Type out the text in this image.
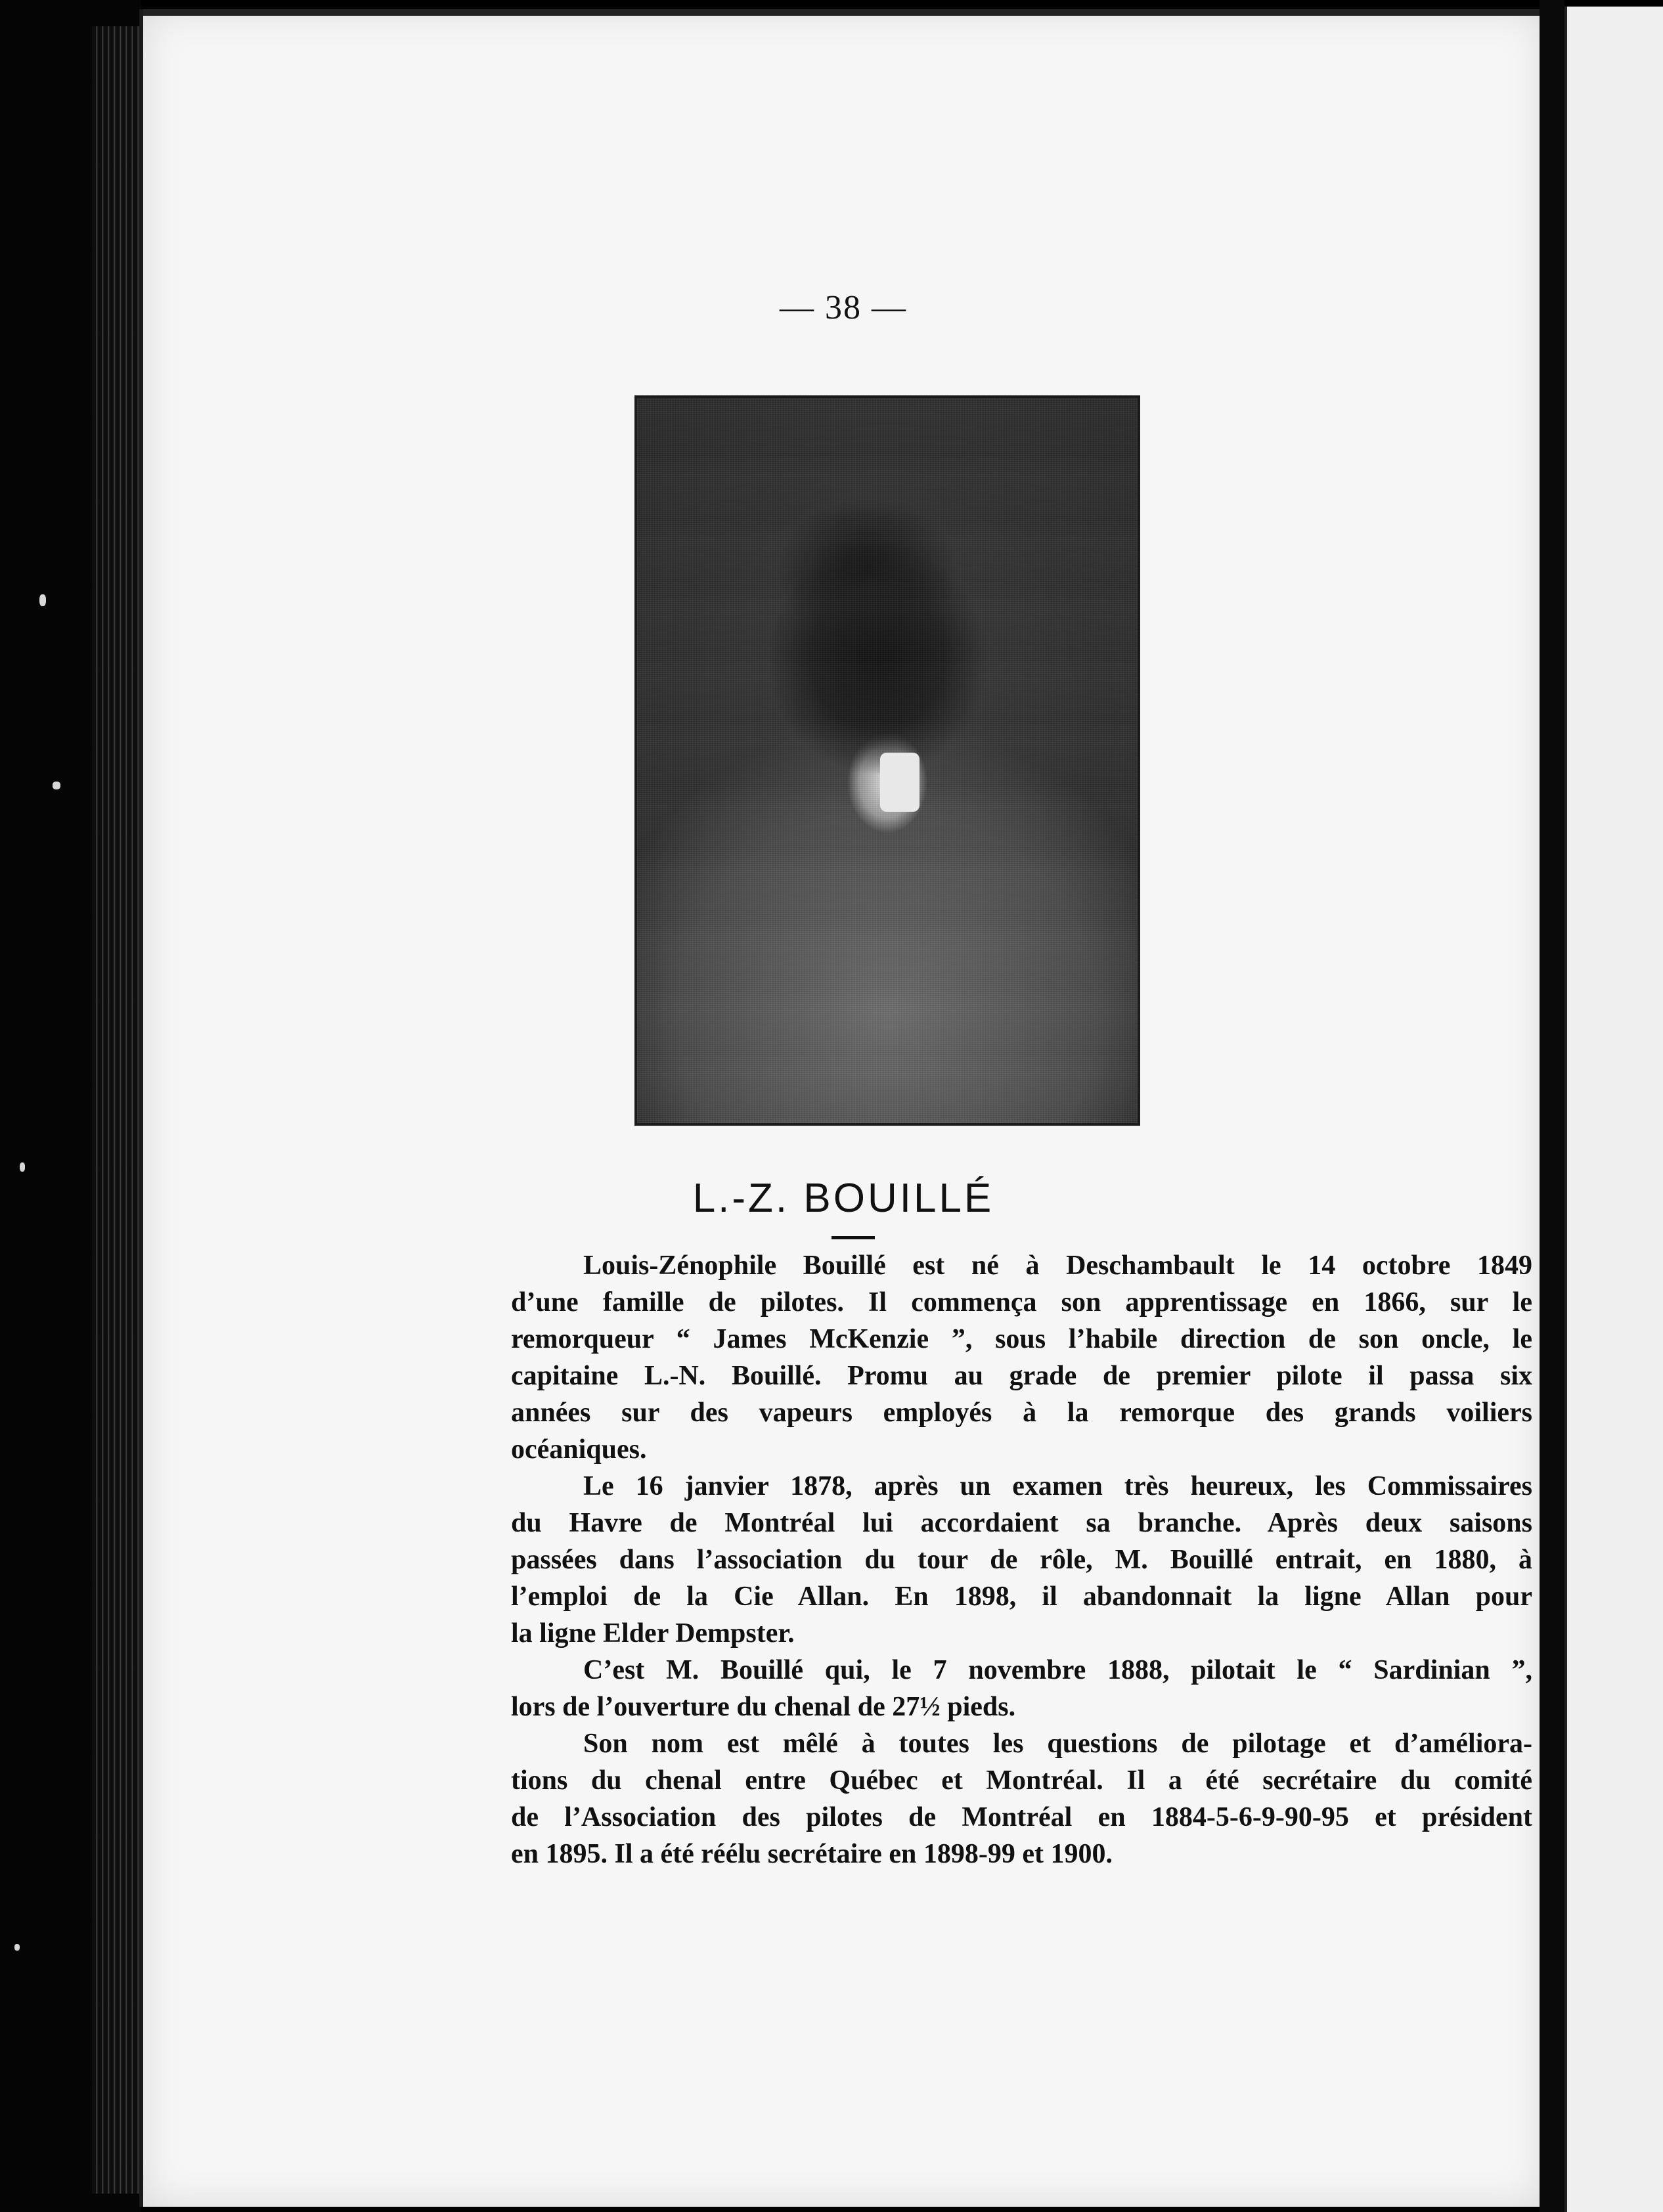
— 38 —
L.-Z. BOUILLÉ

Louis-Zénophile Bouillé est né à Deschambault le 14 octobre 1849
d’une famille de pilotes. Il commença son apprentissage en 1866, sur le
remorqueur “ James McKenzie ”, sous l’habile direction de son oncle, le
capitaine L.-N. Bouillé. Promu au grade de premier pilote il passa six
années sur des vapeurs employés à la remorque des grands voiliers
océaniques.

Le 16 janvier 1878, après un examen très heureux, les Commissaires
du Havre de Montréal lui accordaient sa branche. Après deux saisons
passées dans l’association du tour de rôle, M. Bouillé entrait, en 1880, à
l’emploi de la Cie Allan. En 1898, il abandonnait la ligne Allan pour
la ligne Elder Dempster.

C’est M. Bouillé qui, le 7 novembre 1888, pilotait le “ Sardinian ”,
lors de l’ouverture du chenal de 27½ pieds.

Son nom est mêlé à toutes les questions de pilotage et d’améliora-
tions du chenal entre Québec et Montréal. Il a été secrétaire du comité
de l’Association des pilotes de Montréal en 1884-5-6-9-90-95 et président
en 1895. Il a été réélu secrétaire en 1898-99 et 1900.
